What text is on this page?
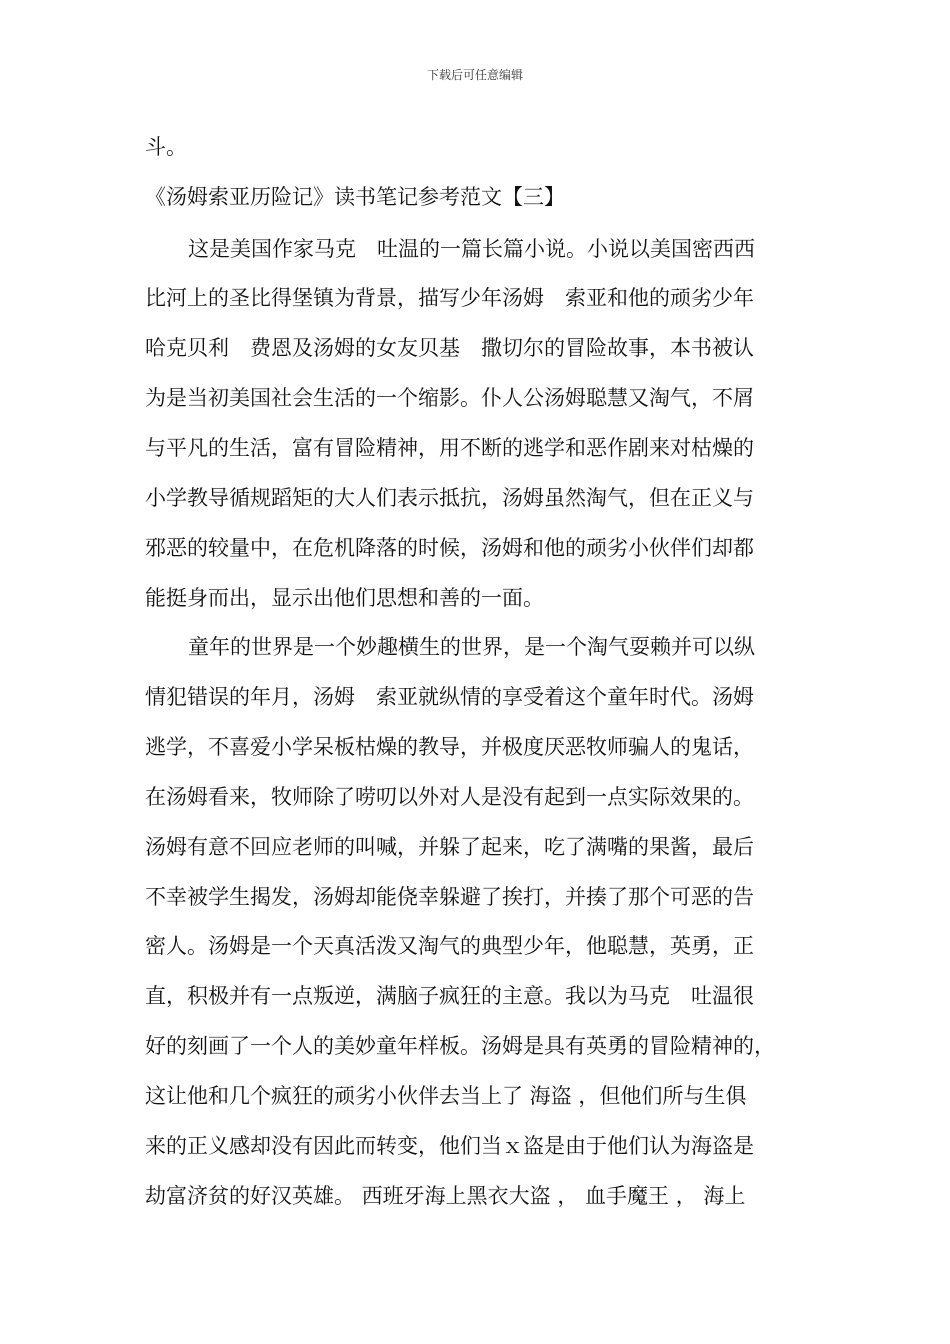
下载后可任意编辑
斗。
《汤姆索亚历险记》读书笔记参考范文【三】
这是美国作家马克　吐温的一篇长篇小说。小说以美国密西西
比河上的圣比得堡镇为背景，描写少年汤姆　索亚和他的顽劣少年
哈克贝利　费恩及汤姆的女友贝基　撒切尔的冒险故事，本书被认
为是当初美国社会生活的一个缩影。仆人公汤姆聪慧又淘气，不屑
与平凡的生活，富有冒险精神，用不断的逃学和恶作剧来对枯燥的
小学教导循规蹈矩的大人们表示抵抗，汤姆虽然淘气，但在正义与
邪恶的较量中，在危机降落的时候，汤姆和他的顽劣小伙伴们却都
能挺身而出，显示出他们思想和善的一面。
童年的世界是一个妙趣横生的世界，是一个淘气耍赖并可以纵
情犯错误的年月，汤姆　索亚就纵情的享受着这个童年时代。汤姆
逃学，不喜爱小学呆板枯燥的教导，并极度厌恶牧师骗人的鬼话，
在汤姆看来，牧师除了唠叨以外对人是没有起到一点实际效果的。
汤姆有意不回应老师的叫喊，并躲了起来，吃了满嘴的果酱，最后
不幸被学生揭发，汤姆却能侥幸躲避了挨打，并揍了那个可恶的告
密人。汤姆是一个天真活泼又淘气的典型少年，他聪慧，英勇，正
直，积极并有一点叛逆，满脑子疯狂的主意。我以为马克　吐温很
好的刻画了一个人的美妙童年样板。汤姆是具有英勇的冒险精神的，
这让他和几个疯狂的顽劣小伙伴去当上了 海盗 ，但他们所与生俱
来的正义感却没有因此而转变，他们当ｘ盗是由于他们认为海盗是
劫富济贫的好汉英雄。 西班牙海上黑衣大盗 ， 血手魔王 ， 海上
